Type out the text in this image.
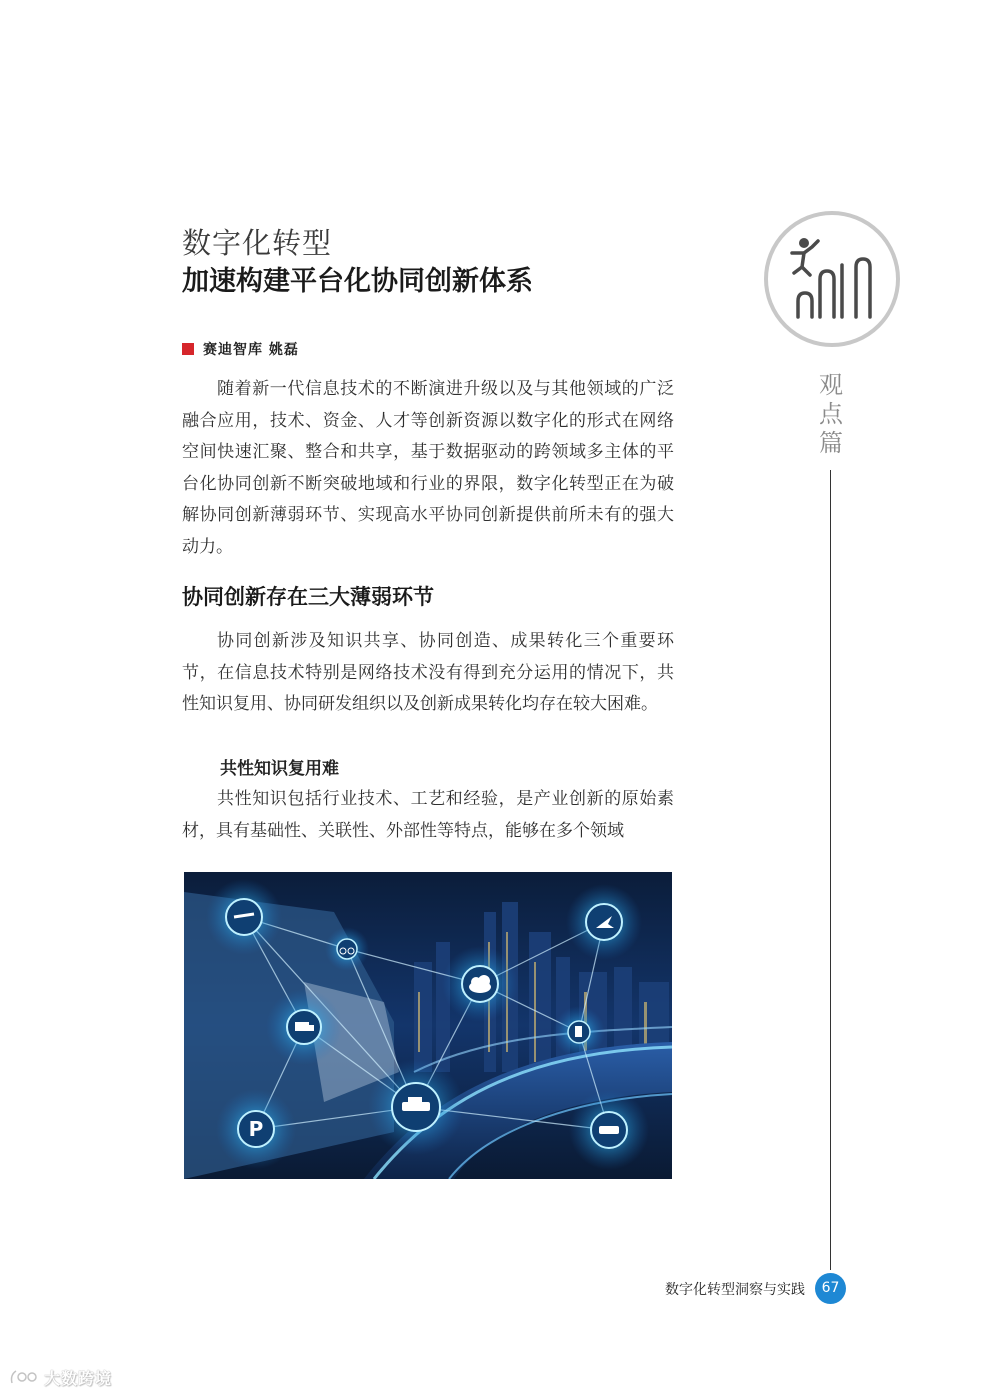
数字化转型
加速构建平台化协同创新体系
赛迪智库 姚磊

随着新一代信息技术的不断演进升级以及与其他领域的广泛融合应用，技术、资金、人才等创新资源以数字化的形式在网络空间快速汇聚、整合和共享，基于数据驱动的跨领域多主体的平台化协同创新不断突破地域和行业的界限，数字化转型正在为破解协同创新薄弱环节、实现高水平协同创新提供前所未有的强大动力。

协同创新存在三大薄弱环节

协同创新涉及知识共享、协同创造、成果转化三个重要环节，在信息技术特别是网络技术没有得到充分运用的情况下，共性知识复用、协同研发组织以及创新成果转化均存在较大困难。

共性知识复用难

共性知识包括行业技术、工艺和经验，是产业创新的原始素材，具有基础性、关联性、外部性等特点，能够在多个领域

P
观
点
篇
数字化转型洞察与实践	67
大数跨境
